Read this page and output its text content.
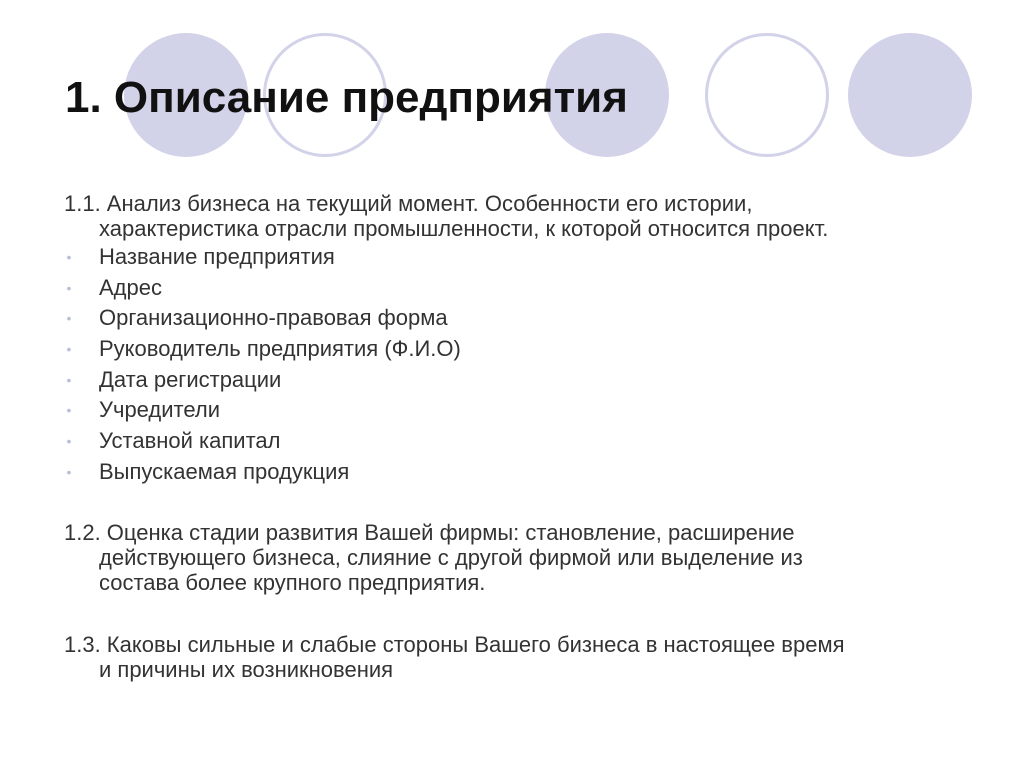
1. Описание предприятия

1.1. Анализ бизнеса на текущий момент. Особенности его истории,
характеристика отрасли промышленности, к которой относится проект.

• Название предприятия
• Адрес
• Организационно-правовая форма
• Руководитель предприятия (Ф.И.О)
• Дата регистрации
• Учредители
• Уставной капитал
• Выпускаемая продукция

1.2. Оценка стадии развития Вашей фирмы: становление, расширение
действующего бизнеса, слияние с другой фирмой или выделение из
состава более крупного предприятия.

1.3. Каковы сильные и слабые стороны Вашего бизнеса в настоящее время
и причины их возникновения
